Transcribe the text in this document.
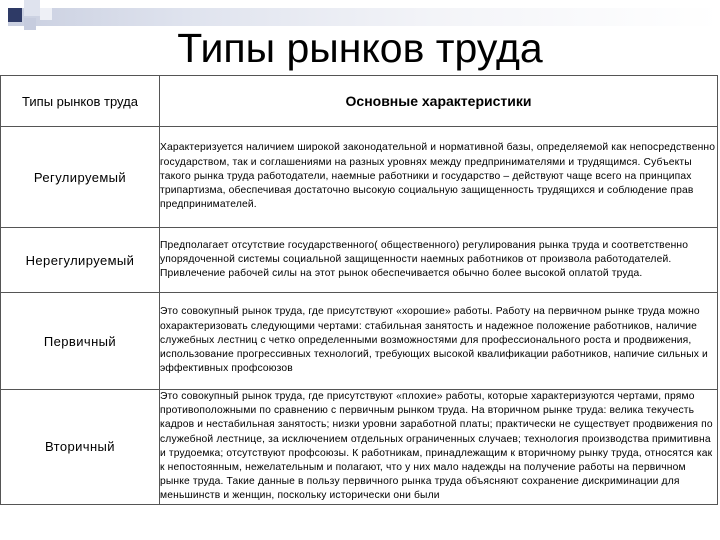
Типы рынков труда
Типы рынков труда	Основные характеристики
Регулируемый	Характеризуется наличием широкой законодательной и нормативной базы, определяемой как непосредственно государством, так и соглашениями на разных уровнях между предпринимателями и трудящимся. Субъекты такого рынка труда работодатели, наемные работники и государство – действуют чаще всего на принципах трипартизма, обеспечивая достаточно высокую социальную защищенность трудящихся и соблюдение прав предпринимателей.
Нерегулируемый	Предполагает отсутствие государственного( общественного) регулирования рынка труда и соответственно упорядоченной системы социальной защищенности наемных работников от произвола работодателей. Привлечение рабочей силы на этот рынок обеспечивается обычно более высокой оплатой труда.
Первичный	Это совокупный рынок труда, где присутствуют «хорошие» работы. Работу на первичном рынке труда можно охарактеризовать следующими чертами: стабильная занятость и надежное положение работников, наличие служебных лестниц с четко определенными возможностями для профессионального роста и продвижения, использование прогрессивных технологий, требующих высокой квалификации работников, напичие сильных и эффективных профсоюзов
Вторичный	Это совокупный рынок труда, где присутствуют «плохие» работы, которые характеризуются чертами, прямо противоположными по сравнению с первичным рынком труда. На вторичном рынке труда: велика текучесть кадров и нестабильная занятость; низки уровни заработной платы; практически не существует продвижения по служебной лестнице, за исключением отдельных ограниченных случаев; технология производства примитивна и трудоемка; отсутствуют профсоюзы. К работникам, принадлежащим к вторичному рынку труда, относятся как к непостоянным, нежелательным и полагают, что у них мало надежды на получение работы на первичном рынке труда. Такие данные в пользу первичного рынка труда объясняют сохранение дискриминации для меньшинств и женщин, поскольку исторически они были
